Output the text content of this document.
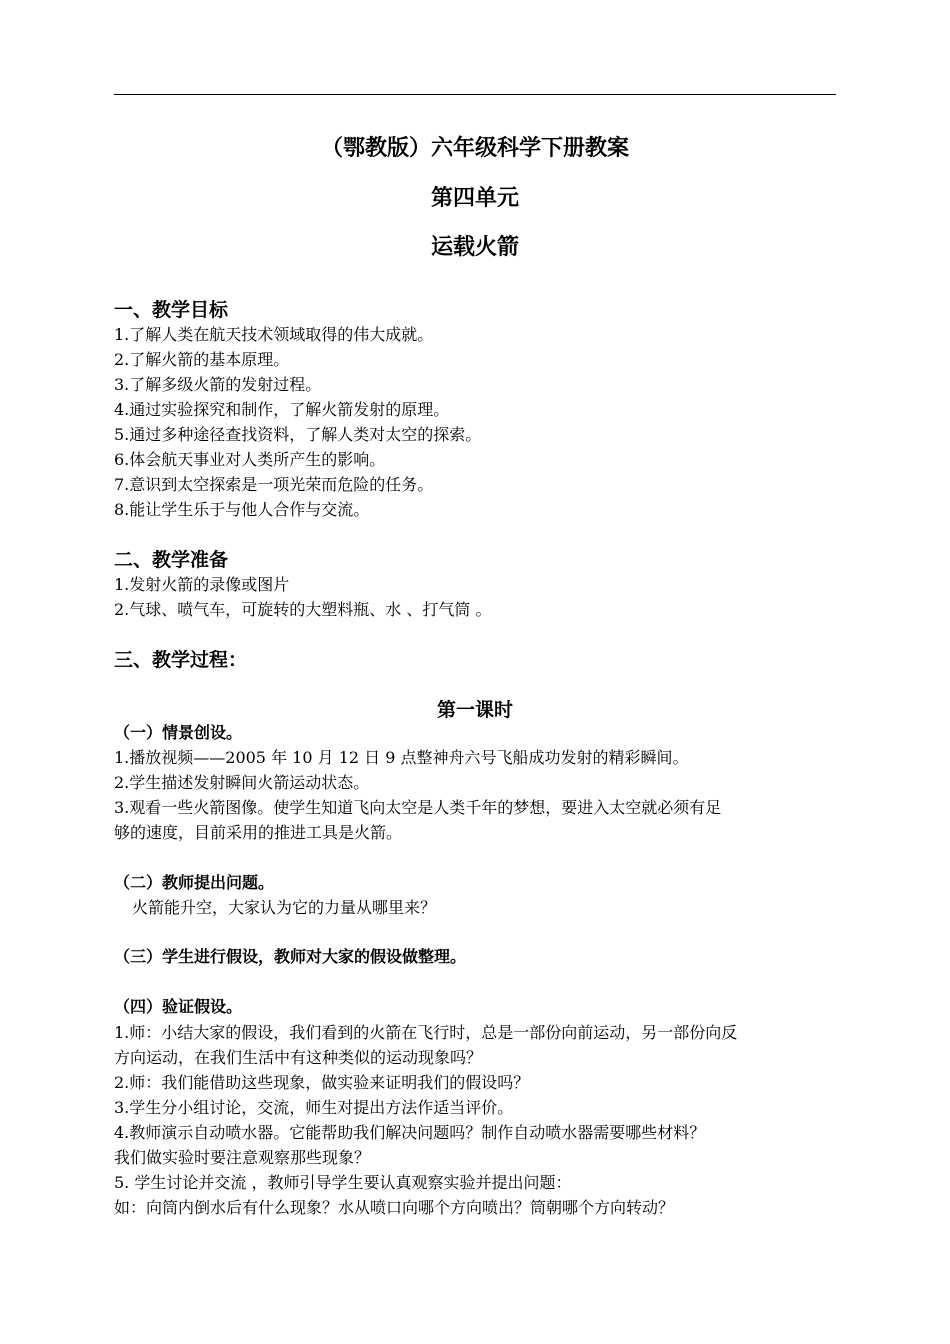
（鄂教版）六年级科学下册教案
第四单元
运载火箭
一、教学目标
1.了解人类在航天技术领域取得的伟大成就。
2.了解火箭的基本原理。
3.了解多级火箭的发射过程。
4.通过实验探究和制作，了解火箭发射的原理。
5.通过多种途径查找资料，了解人类对太空的探索。
6.体会航天事业对人类所产生的影响。
7.意识到太空探索是一项光荣而危险的任务。
8.能让学生乐于与他人合作与交流。
二、教学准备
1.发射火箭的录像或图片
2.气球、喷气车，可旋转的大塑料瓶、水 、打气筒 。
三、教学过程：
第一课时
（一）情景创设。
1.播放视频——2005 年 10 月 12 日 9 点整神舟六号飞船成功发射的精彩瞬间。
2.学生描述发射瞬间火箭运动状态。
3.观看一些火箭图像。使学生知道飞向太空是人类千年的梦想，要进入太空就必须有足
够的速度，目前采用的推进工具是火箭。
（二）教师提出问题。
火箭能升空，大家认为它的力量从哪里来？
（三）学生进行假设，教师对大家的假设做整理。
（四）验证假设。
1.师：小结大家的假设，我们看到的火箭在飞行时，总是一部份向前运动，另一部份向反
方向运动，在我们生活中有这种类似的运动现象吗？
2.师：我们能借助这些现象，做实验来证明我们的假设吗？
3.学生分小组讨论，交流，师生对提出方法作适当评价。
4.教师演示自动喷水器。它能帮助我们解决问题吗？制作自动喷水器需要哪些材料？
我们做实验时要注意观察那些现象？
5. 学生讨论并交流 ，教师引导学生要认真观察实验并提出问题：
如：向筒内倒水后有什么现象？水从喷口向哪个方向喷出？筒朝哪个方向转动？
